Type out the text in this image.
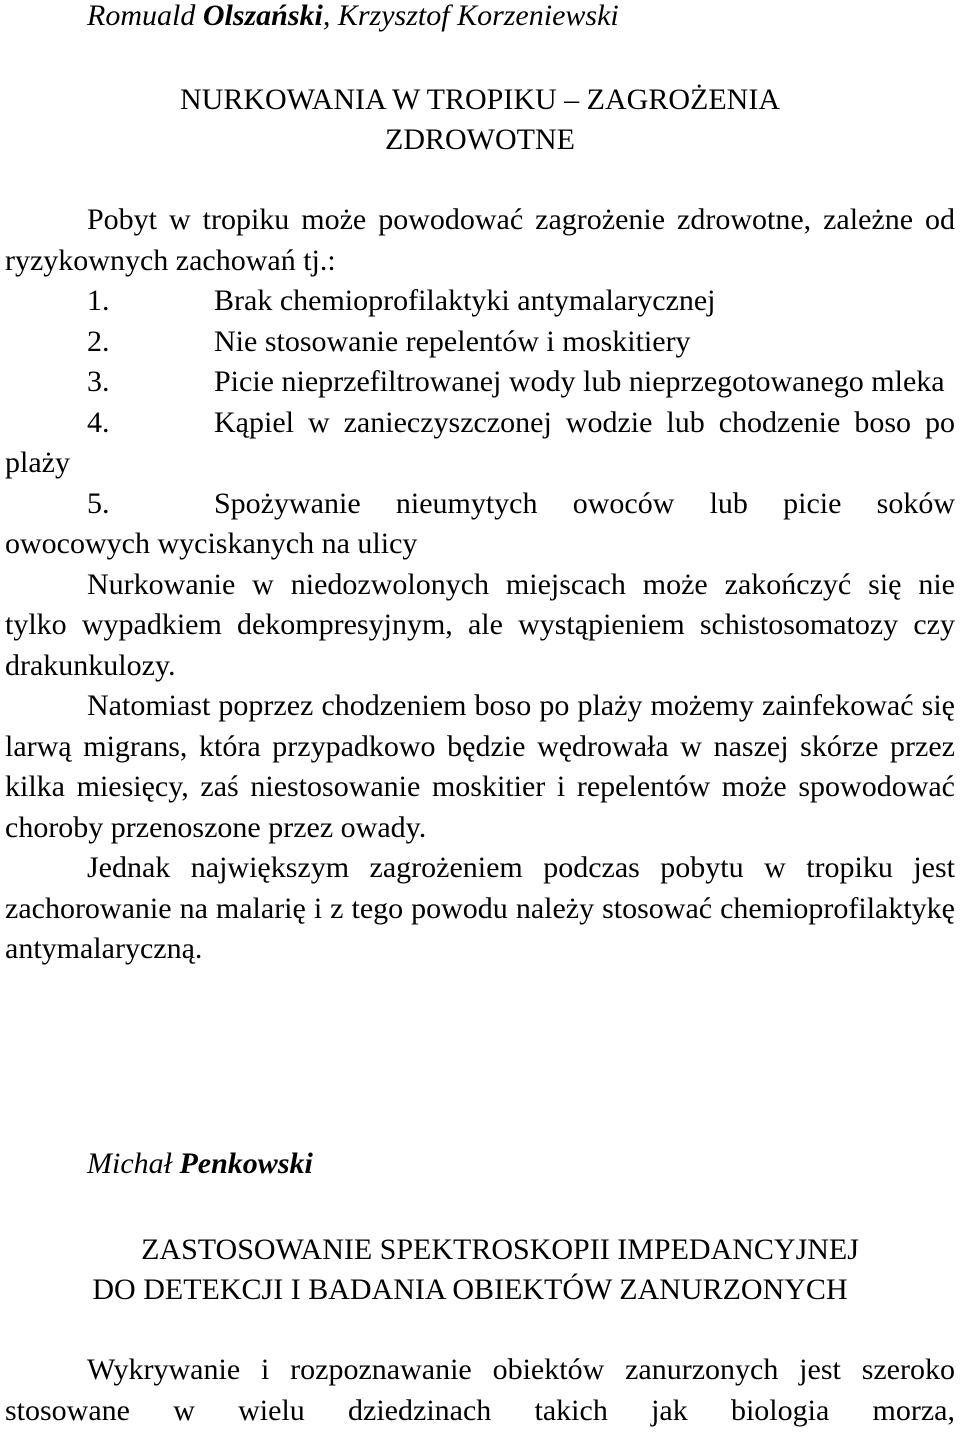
Romuald Olszański, Krzysztof Korzeniewski

NURKOWANIA W TROPIKU – ZAGROŻENIA

ZDROWOTNE

Pobyt w tropiku może powodować zagrożenie zdrowotne, zależne od ryzykownych zachowań tj.:

1.	Brak chemioprofilaktyki antymalarycznej

2.	Nie stosowanie repelentów i moskitiery

3.	Picie nieprzefiltrowanej wody lub nieprzegotowanego mleka

4.	Kąpiel w zanieczyszczonej wodzie lub chodzenie boso po plaży

5.	Spożywanie nieumytych owoców lub picie soków owocowych wyciskanych na ulicy

Nurkowanie w niedozwolonych miejscach może zakończyć się nie tylko wypadkiem dekompresyjnym, ale wystąpieniem schistosomatozy czy drakunkulozy.

Natomiast poprzez chodzeniem boso po plaży możemy zainfekować się larwą migrans, która przypadkowo będzie wędrowała w naszej skórze przez kilka miesięcy, zaś niestosowanie moskitier i repelentów może spowodować choroby przenoszone przez owady.

Jednak największym zagrożeniem podczas pobytu w tropiku jest zachorowanie na malarię i z tego powodu należy stosować chemioprofilaktykę antymalaryczną.

Michał Penkowski

ZASTOSOWANIE SPEKTROSKOPII IMPEDANCYJNEJ

DO DETEKCJI I BADANIA OBIEKTÓW ZANURZONYCH

Wykrywanie i rozpoznawanie obiektów zanurzonych jest szeroko stosowane w wielu dziedzinach takich jak biologia morza,
